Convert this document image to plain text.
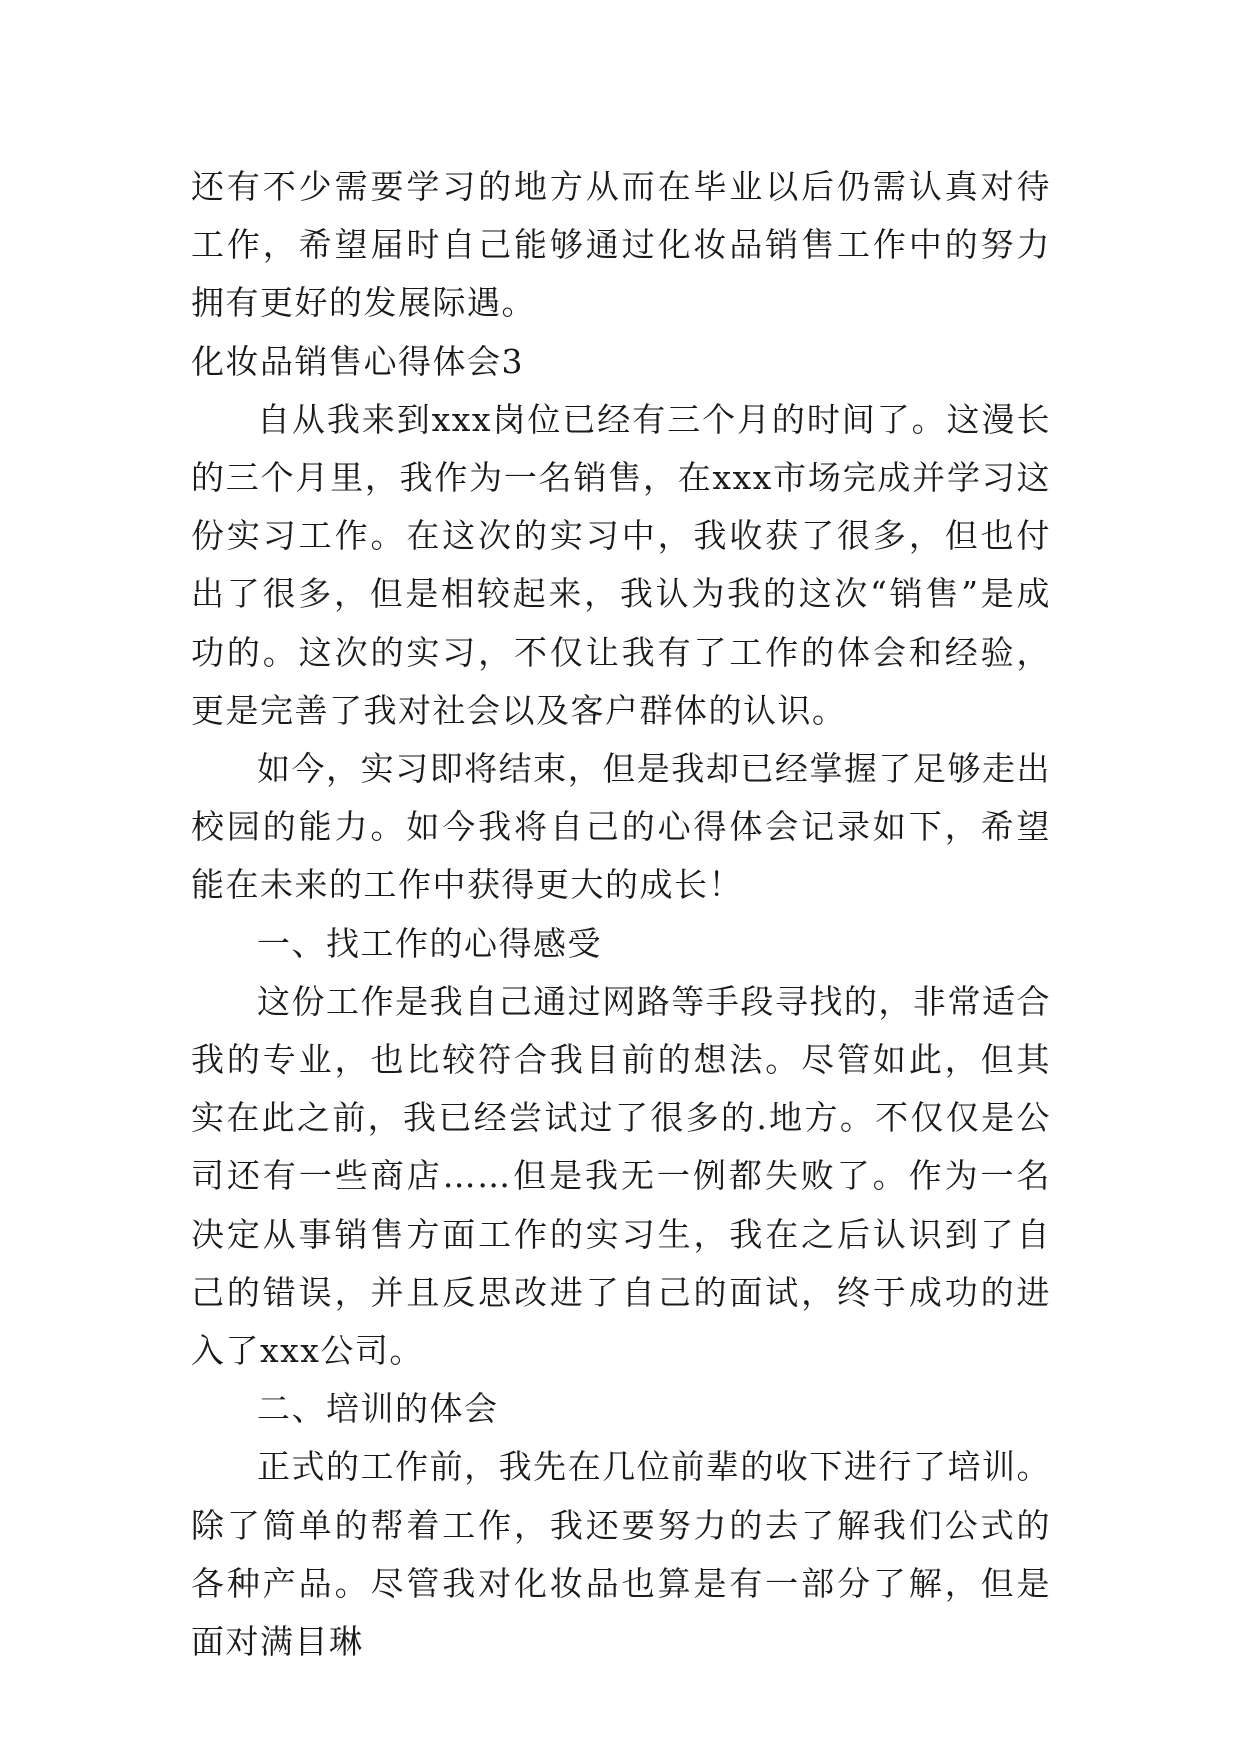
还有不少需要学习的地方从而在毕业以后仍需认真对待工作，希望届时自己能够通过化妆品销售工作中的努力拥有更好的发展际遇。

化妆品销售心得体会3

自从我来到xxx岗位已经有三个月的时间了。这漫长的三个月里，我作为一名销售，在xxx市场完成并学习这份实习工作。在这次的实习中，我收获了很多，但也付出了很多，但是相较起来，我认为我的这次“销售”是成功的。这次的实习，不仅让我有了工作的体会和经验，更是完善了我对社会以及客户群体的认识。

如今，实习即将结束，但是我却已经掌握了足够走出校园的能力。如今我将自己的心得体会记录如下，希望能在未来的工作中获得更大的成长！

一、找工作的心得感受

这份工作是我自己通过网路等手段寻找的，非常适合我的专业，也比较符合我目前的想法。尽管如此，但其实在此之前，我已经尝试过了很多的.地方。不仅仅是公司还有一些商店……但是我无一例都失败了。作为一名决定从事销售方面工作的实习生，我在之后认识到了自己的错误，并且反思改进了自己的面试，终于成功的进入了xxx公司。

二、培训的体会

正式的工作前，我先在几位前辈的收下进行了培训。除了简单的帮着工作，我还要努力的去了解我们公式的各种产品。尽管我对化妆品也算是有一部分了解，但是面对满目琳
